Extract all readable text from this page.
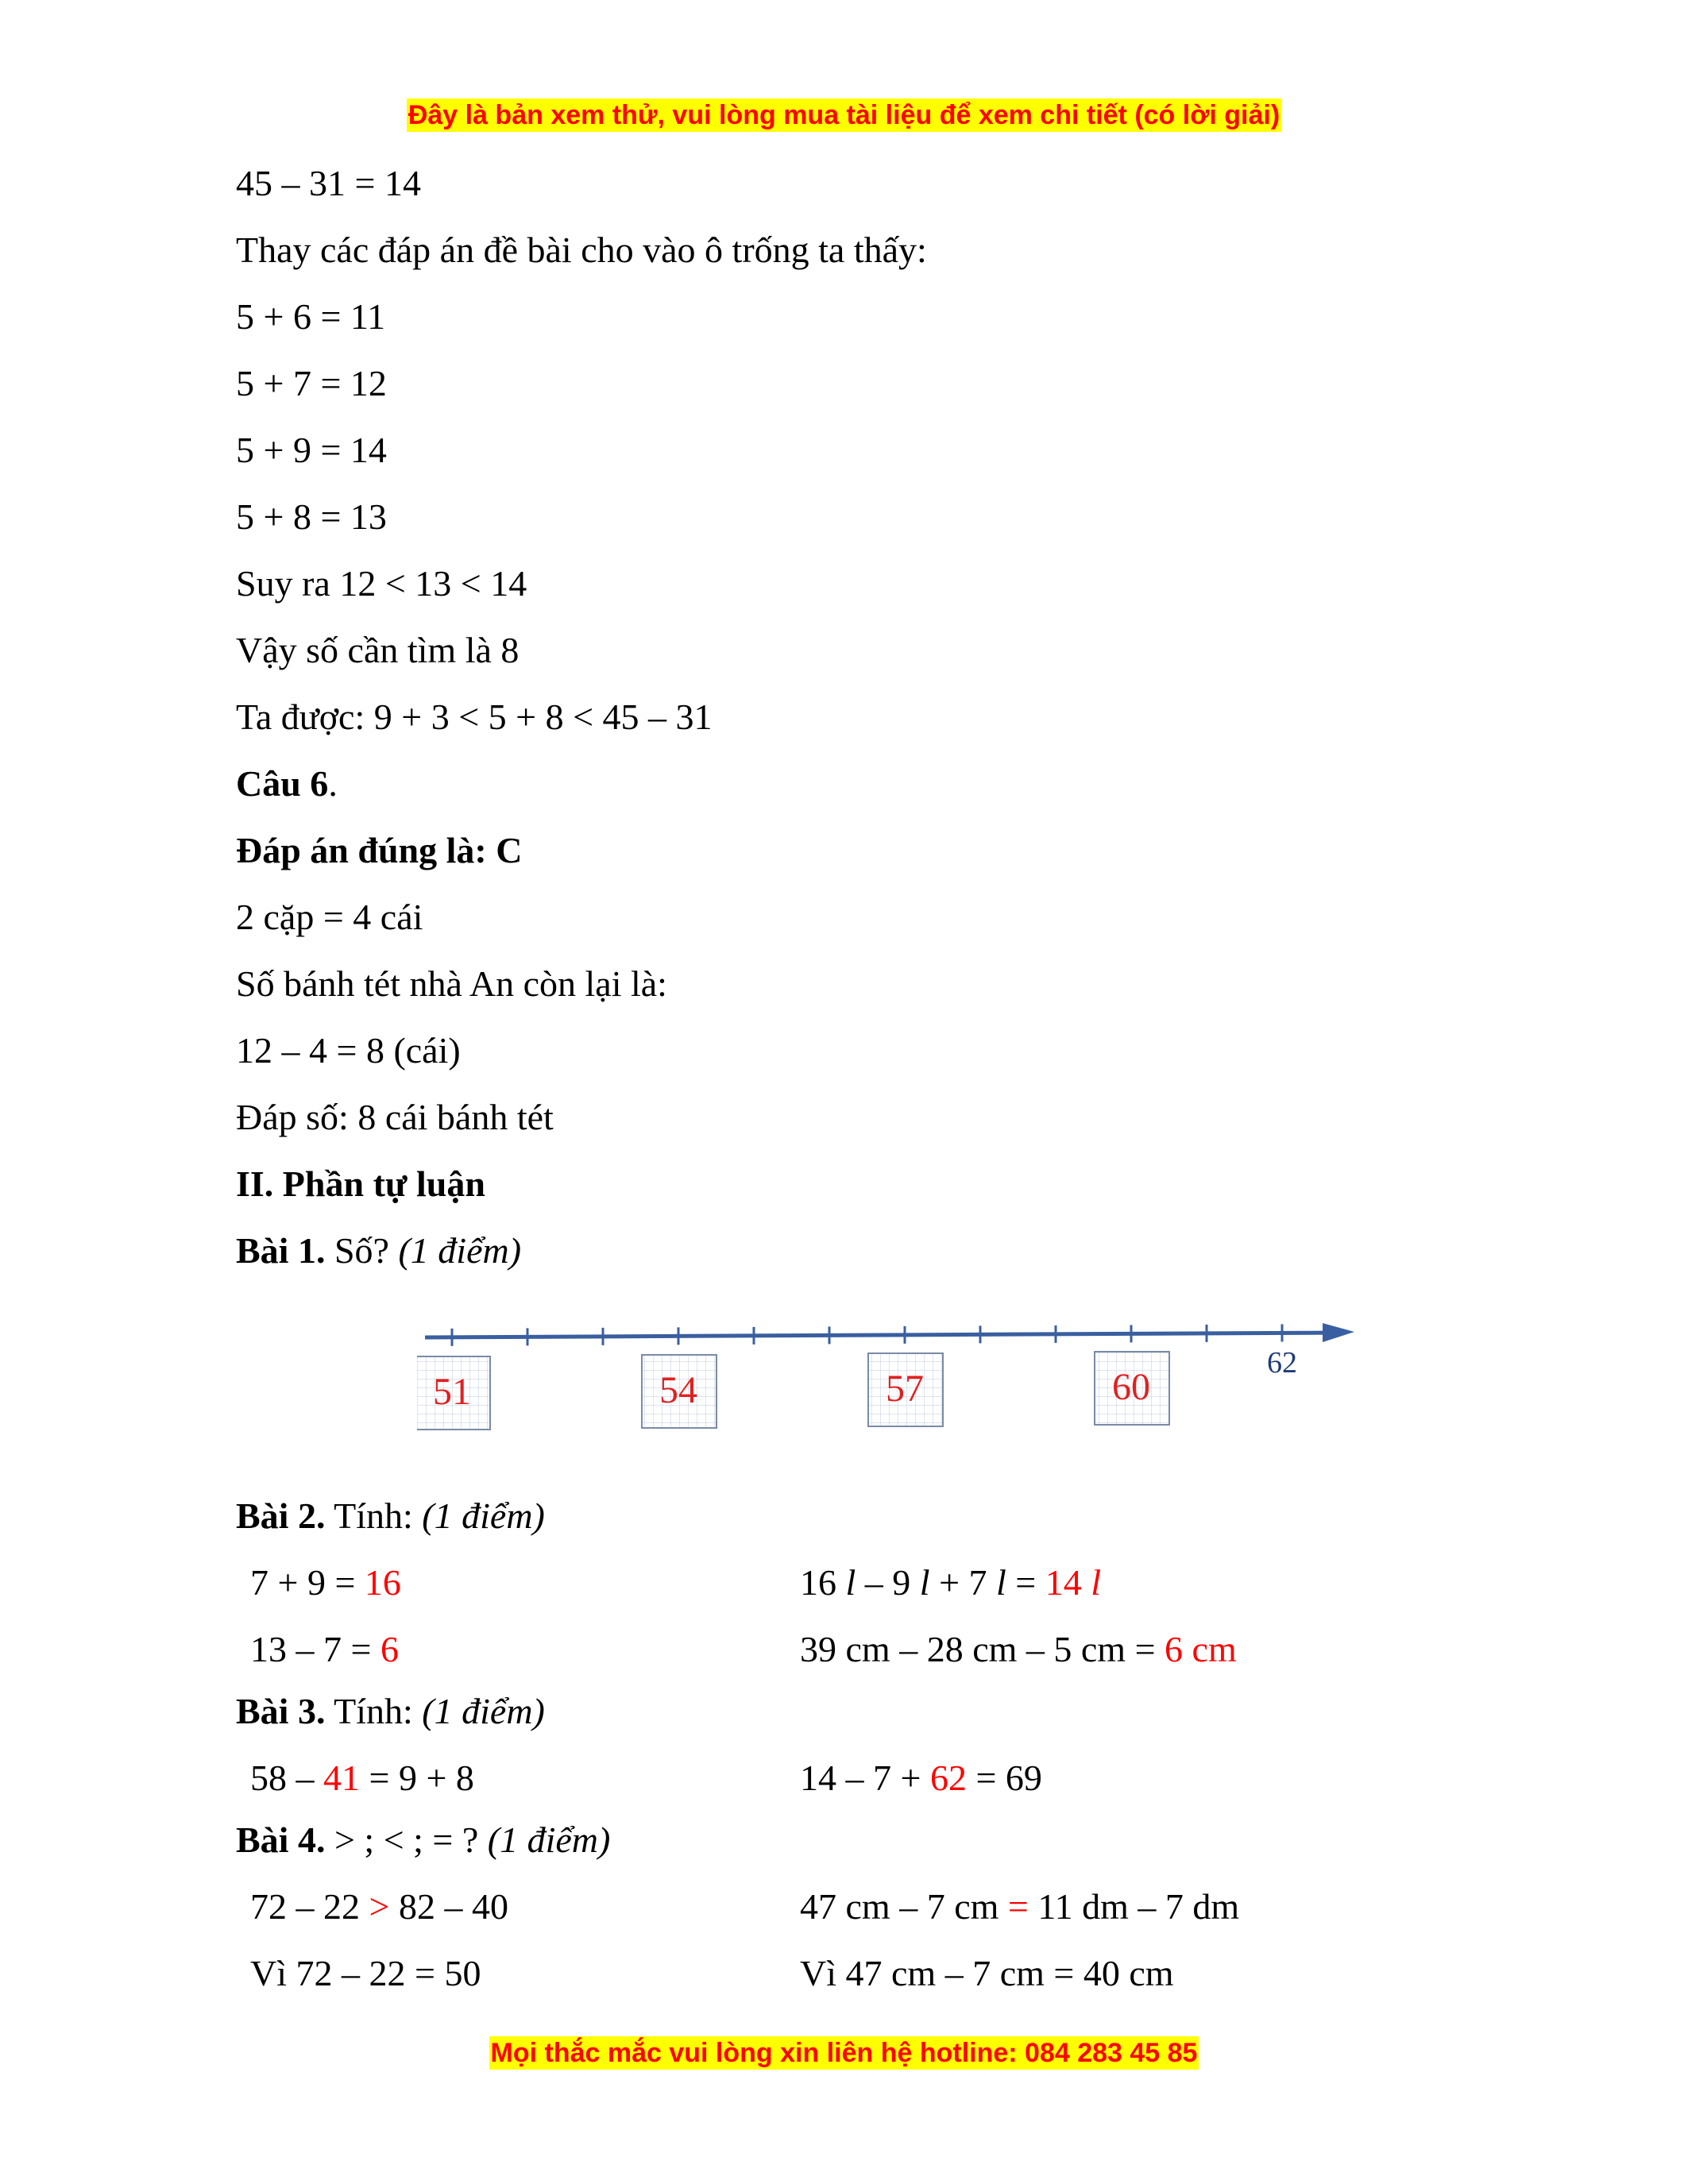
Đây là bản xem thử, vui lòng mua tài liệu để xem chi tiết (có lời giải)
45 – 31 = 14
Thay các đáp án đề bài cho vào ô trống ta thấy:
5 + 6 = 11
5 + 7 = 12
5 + 9 = 14
5 + 8 = 13
Suy ra 12 < 13 < 14
Vậy số cần tìm là 8
Ta được: 9 + 3 < 5 + 8 < 45 – 31
Câu 6.
Đáp án đúng là: C
2 cặp = 4 cái
Số bánh tét nhà An còn lại là:
12 – 4 = 8 (cái)
Đáp số: 8 cái bánh tét
II. Phần tự luận
Bài 1. Số? (1 điểm)
Bài 2. Tính: (1 điểm)
7 + 9 = 16	16 l – 9 l + 7 l = 14 l
13 – 7 = 6	39 cm – 28 cm – 5 cm = 6 cm
Bài 3. Tính: (1 điểm)
58 – 41 = 9 + 8	14 – 7 + 62 = 69
Bài 4. > ; < ; = ? (1 điểm)
72 – 22 > 82 – 40	47 cm – 7 cm = 11 dm – 7 dm
Vì 72 – 22 = 50	Vì 47 cm – 7 cm = 40 cm
51	54	57	60
62
Mọi thắc mắc vui lòng xin liên hệ hotline: 084 283 45 85
